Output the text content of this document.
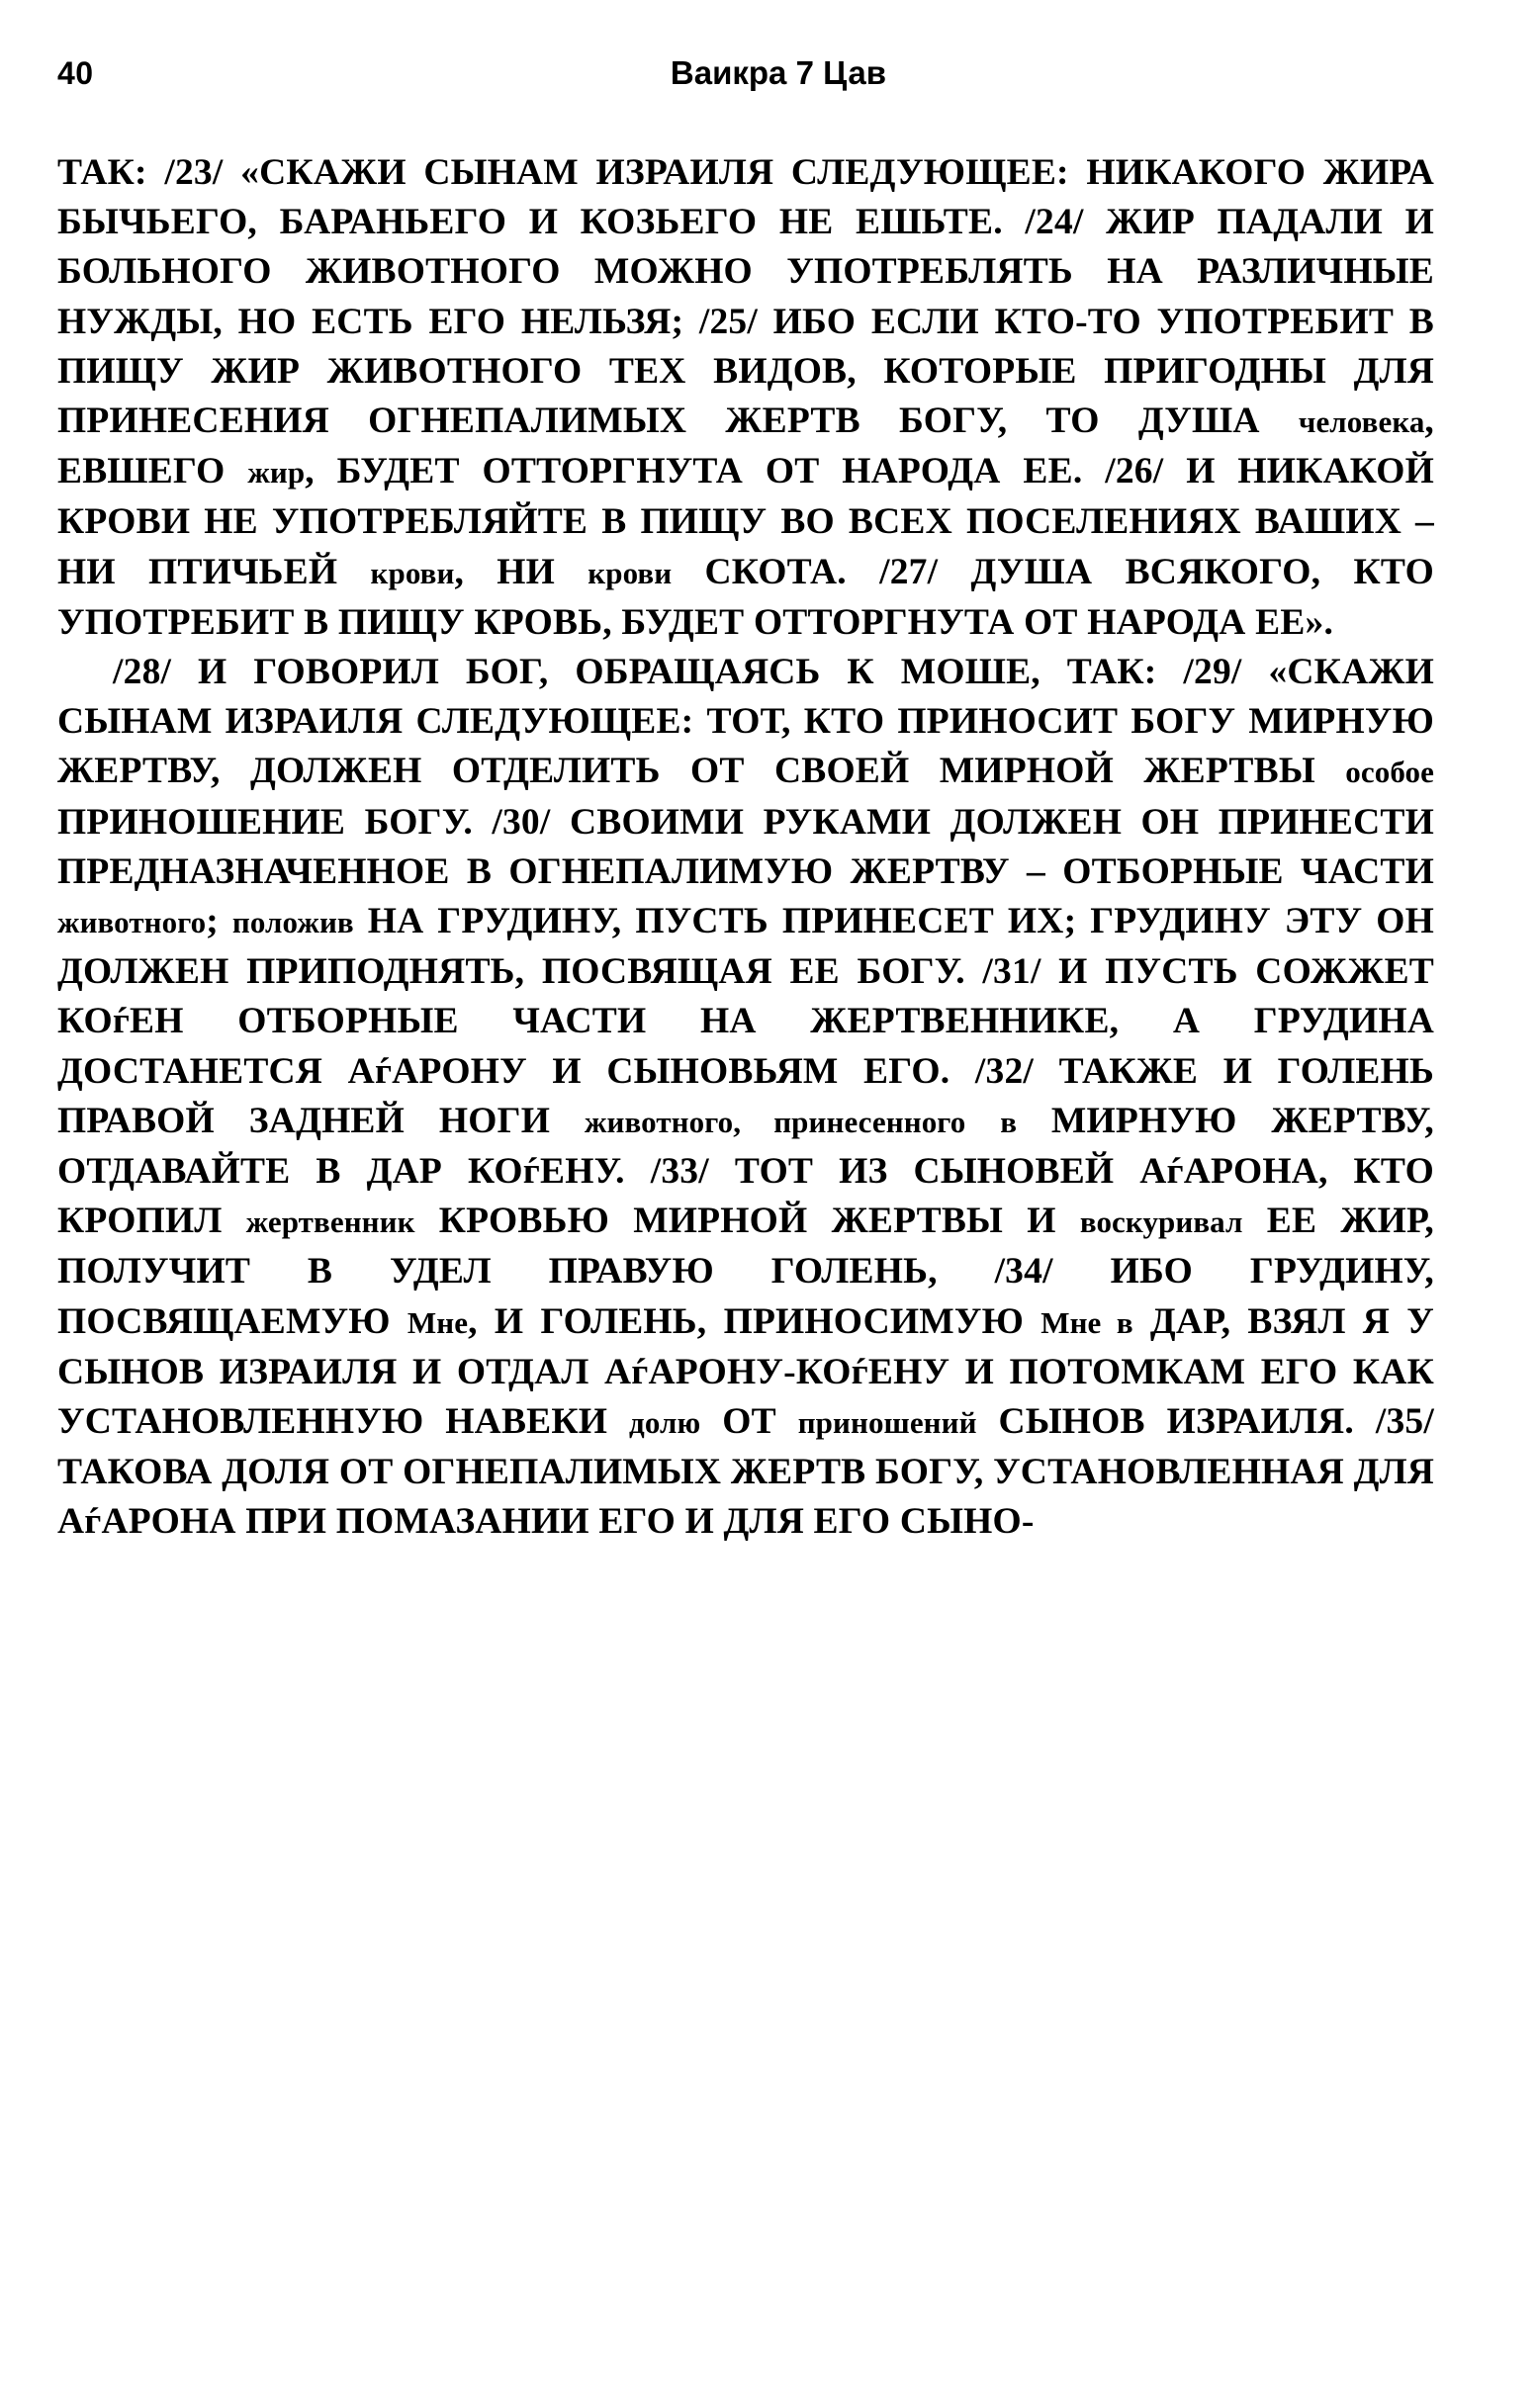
40	Ваикра 7 Цав

ТАК: /23/ «СКАЖИ СЫНАМ ИЗРАИЛЯ СЛЕДУЮЩЕЕ: НИКАКОГО ЖИРА БЫЧЬЕГО, БАРАНЬЕГО И КОЗЬЕГО НЕ ЕШЬТЕ. /24/ ЖИР ПАДАЛИ И БОЛЬНОГО ЖИВОТНОГО МОЖНО УПОТРЕБЛЯТЬ НА РАЗЛИЧНЫЕ НУЖДЫ, НО ЕСТЬ ЕГО НЕЛЬЗЯ; /25/ ИБО ЕСЛИ КТО-ТО УПОТРЕБИТ В ПИЩУ ЖИР ЖИВОТНОГО ТЕХ ВИДОВ, КОТОРЫЕ ПРИГОДНЫ ДЛЯ ПРИНЕСЕНИЯ ОГНЕПАЛИМЫХ ЖЕРТВ БОГУ, ТО ДУША человека, ЕВШЕГО жир, БУДЕТ ОТТОРГНУТА ОТ НАРОДА ЕЕ. /26/ И НИКАКОЙ КРОВИ НЕ УПОТРЕБЛЯЙТЕ В ПИЩУ ВО ВСЕХ ПОСЕЛЕНИЯХ ВАШИХ – НИ ПТИЧЬЕЙ крови, НИ крови СКОТА. /27/ ДУША ВСЯКОГО, КТО УПОТРЕБИТ В ПИЩУ КРОВЬ, БУДЕТ ОТТОРГНУТА ОТ НАРОДА ЕЕ».

/28/ И ГОВОРИЛ БОГ, ОБРАЩАЯСЬ К МОШЕ, ТАК: /29/ «СКАЖИ СЫНАМ ИЗРАИЛЯ СЛЕДУЮЩЕЕ: ТОТ, КТО ПРИНОСИТ БОГУ МИРНУЮ ЖЕРТВУ, ДОЛЖЕН ОТДЕЛИТЬ ОТ СВОЕЙ МИРНОЙ ЖЕРТВЫ особое ПРИНОШЕНИЕ БОГУ. /30/ СВОИМИ РУКАМИ ДОЛЖЕН ОН ПРИНЕСТИ ПРЕДНАЗНАЧЕННОЕ В ОГНЕПАЛИМУЮ ЖЕРТВУ – ОТБОРНЫЕ ЧАСТИ животного; положив НА ГРУДИНУ, ПУСТЬ ПРИНЕСЕТ ИХ; ГРУДИНУ ЭТУ ОН ДОЛЖЕН ПРИПОДНЯТЬ, ПОСВЯЩАЯ ЕЕ БОГУ. /31/ И ПУСТЬ СОЖЖЕТ КОѓЕН ОТБОРНЫЕ ЧАСТИ НА ЖЕРТВЕННИКЕ, А ГРУДИНА ДОСТАНЕТСЯ АѓАРОНУ И СЫНОВЬЯМ ЕГО. /32/ ТАКЖЕ И ГОЛЕНЬ ПРАВОЙ ЗАДНЕЙ НОГИ животного, принесенного в МИРНУЮ ЖЕРТВУ, ОТДАВАЙТЕ В ДАР КОѓЕНУ. /33/ ТОТ ИЗ СЫНОВЕЙ АѓАРОНА, КТО КРОПИЛ жертвенник КРОВЬЮ МИРНОЙ ЖЕРТВЫ И воскуривал ЕЕ ЖИР, ПОЛУЧИТ В УДЕЛ ПРАВУЮ ГОЛЕНЬ, /34/ ИБО ГРУДИНУ, ПОСВЯЩАЕМУЮ Мне, И ГОЛЕНЬ, ПРИНОСИМУЮ Мне в ДАР, ВЗЯЛ Я У СЫНОВ ИЗРАИЛЯ И ОТДАЛ АѓАРОНУ-КОѓЕНУ И ПОТОМКАМ ЕГО КАК УСТАНОВЛЕННУЮ НАВЕКИ долю ОТ приношений СЫНОВ ИЗРАИЛЯ. /35/ ТАКОВА ДОЛЯ ОТ ОГНЕПАЛИМЫХ ЖЕРТВ БОГУ, УСТАНОВЛЕННАЯ ДЛЯ АѓАРОНА ПРИ ПОМАЗАНИИ ЕГО И ДЛЯ ЕГО СЫНО-
